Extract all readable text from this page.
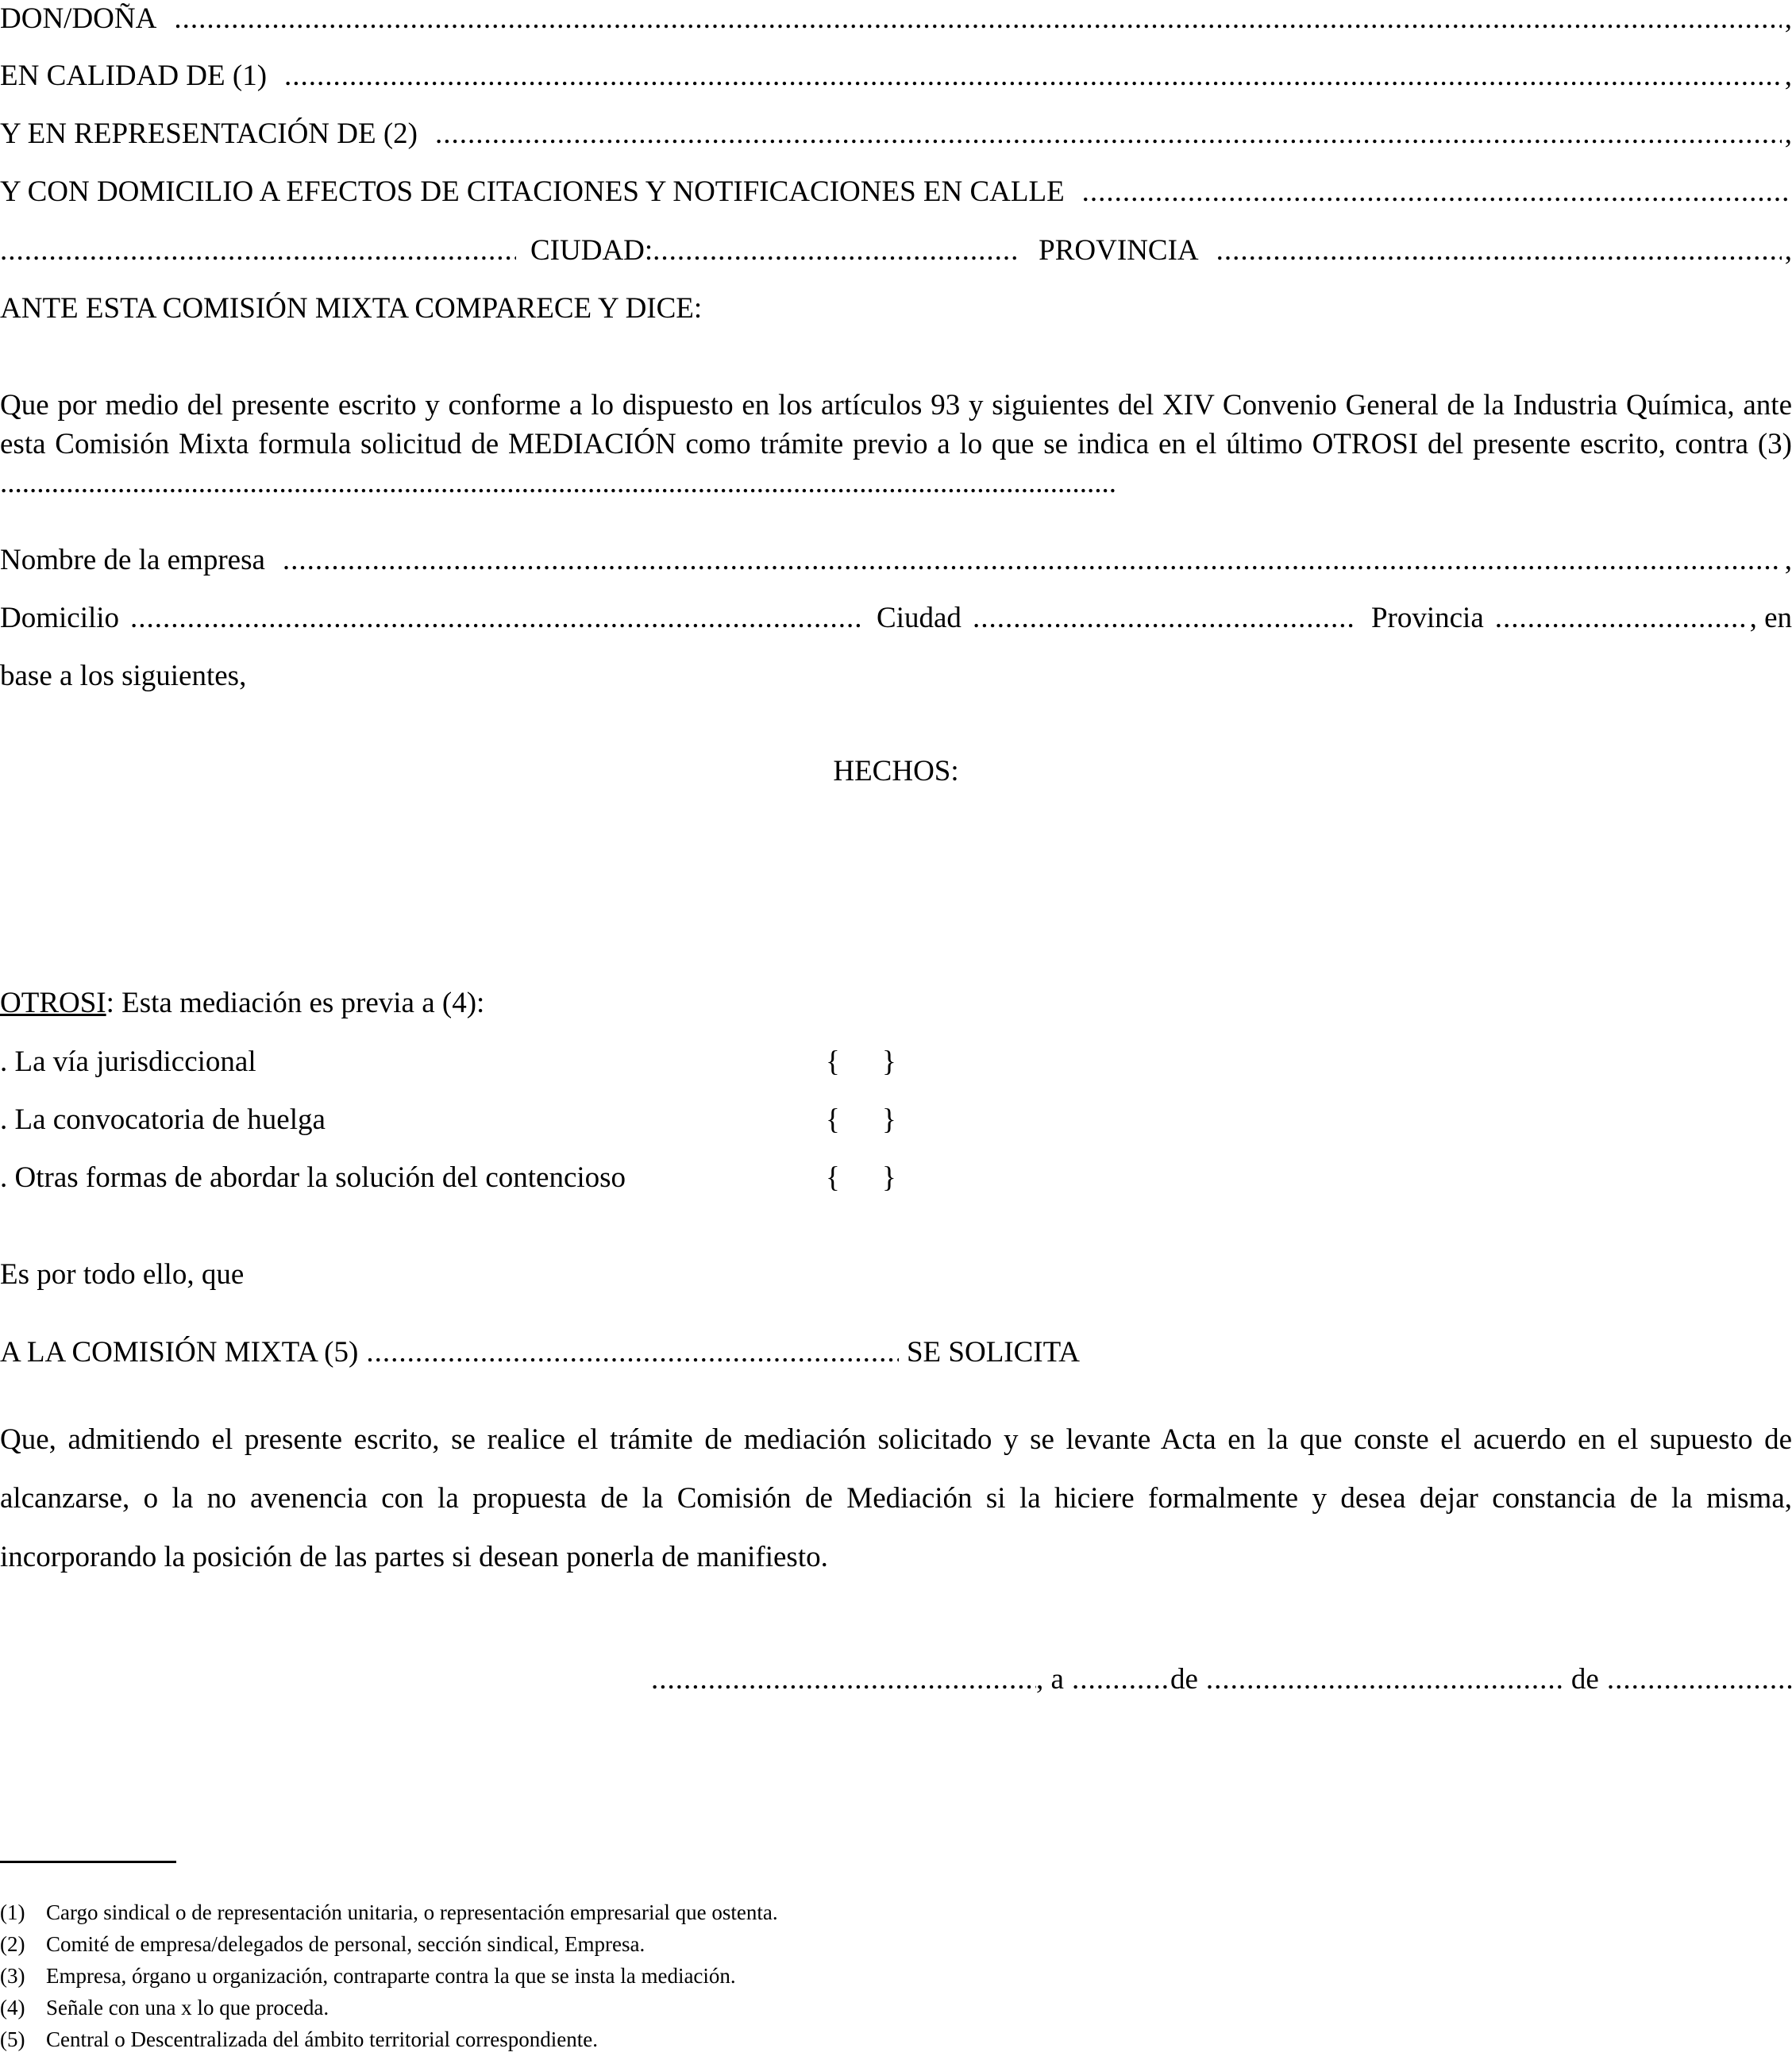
DON/DOÑA .....	,
EN CALIDAD DE (1) .....	,
Y EN REPRESENTACIÓN DE (2) .....	,
Y CON DOMICILIO A EFECTOS DE CITACIONES Y NOTIFICACIONES EN CALLE
.....
.....
CIUDAD: .....	PROVINCIA .....	,
ANTE ESTA COMISIÓN MIXTA COMPARECE Y DICE:
Que por medio del presente escrito y conforme a lo dispuesto en los artículos 93 y siguientes del XIV Convenio General de la Industria Química, ante esta Comisión Mixta formula solicitud de MEDIACIÓN como trámite previo a lo que se indica en el último OTROSI del presente escrito, contra (3) ........................................................................................................................................................
Nombre de la empresa .....	,
Domicilio .....	Ciudad .....	Provincia .....	, en
base a los siguientes,
HECHOS:
OTROSI: Esta mediación es previa a (4):
. La vía jurisdiccional	{ }
. La convocatoria de huelga	{ }
. Otras formas de abordar la solución del contencioso	{ }
Es por todo ello, que
A LA COMISIÓN MIXTA (5) .....	SE SOLICITA
Que, admitiendo el presente escrito, se realice el trámite de mediación solicitado y se levante Acta en la que conste el acuerdo en el supuesto de alcanzarse, o la no avenencia con la propuesta de la Comisión de Mediación si la hiciere formalmente y desea dejar constancia de la misma, incorporando la posición de las partes si desean ponerla de manifiesto.
.....
, a .....	de .....	de
.....
(1) Cargo sindical o de representación unitaria, o representación empresarial que ostenta.
(2) Comité de empresa/delegados de personal, sección sindical, Empresa.
(3) Empresa, órgano u organización, contraparte contra la que se insta la mediación.
(4) Señale con una x lo que proceda.
(5) Central o Descentralizada del ámbito territorial correspondiente.
